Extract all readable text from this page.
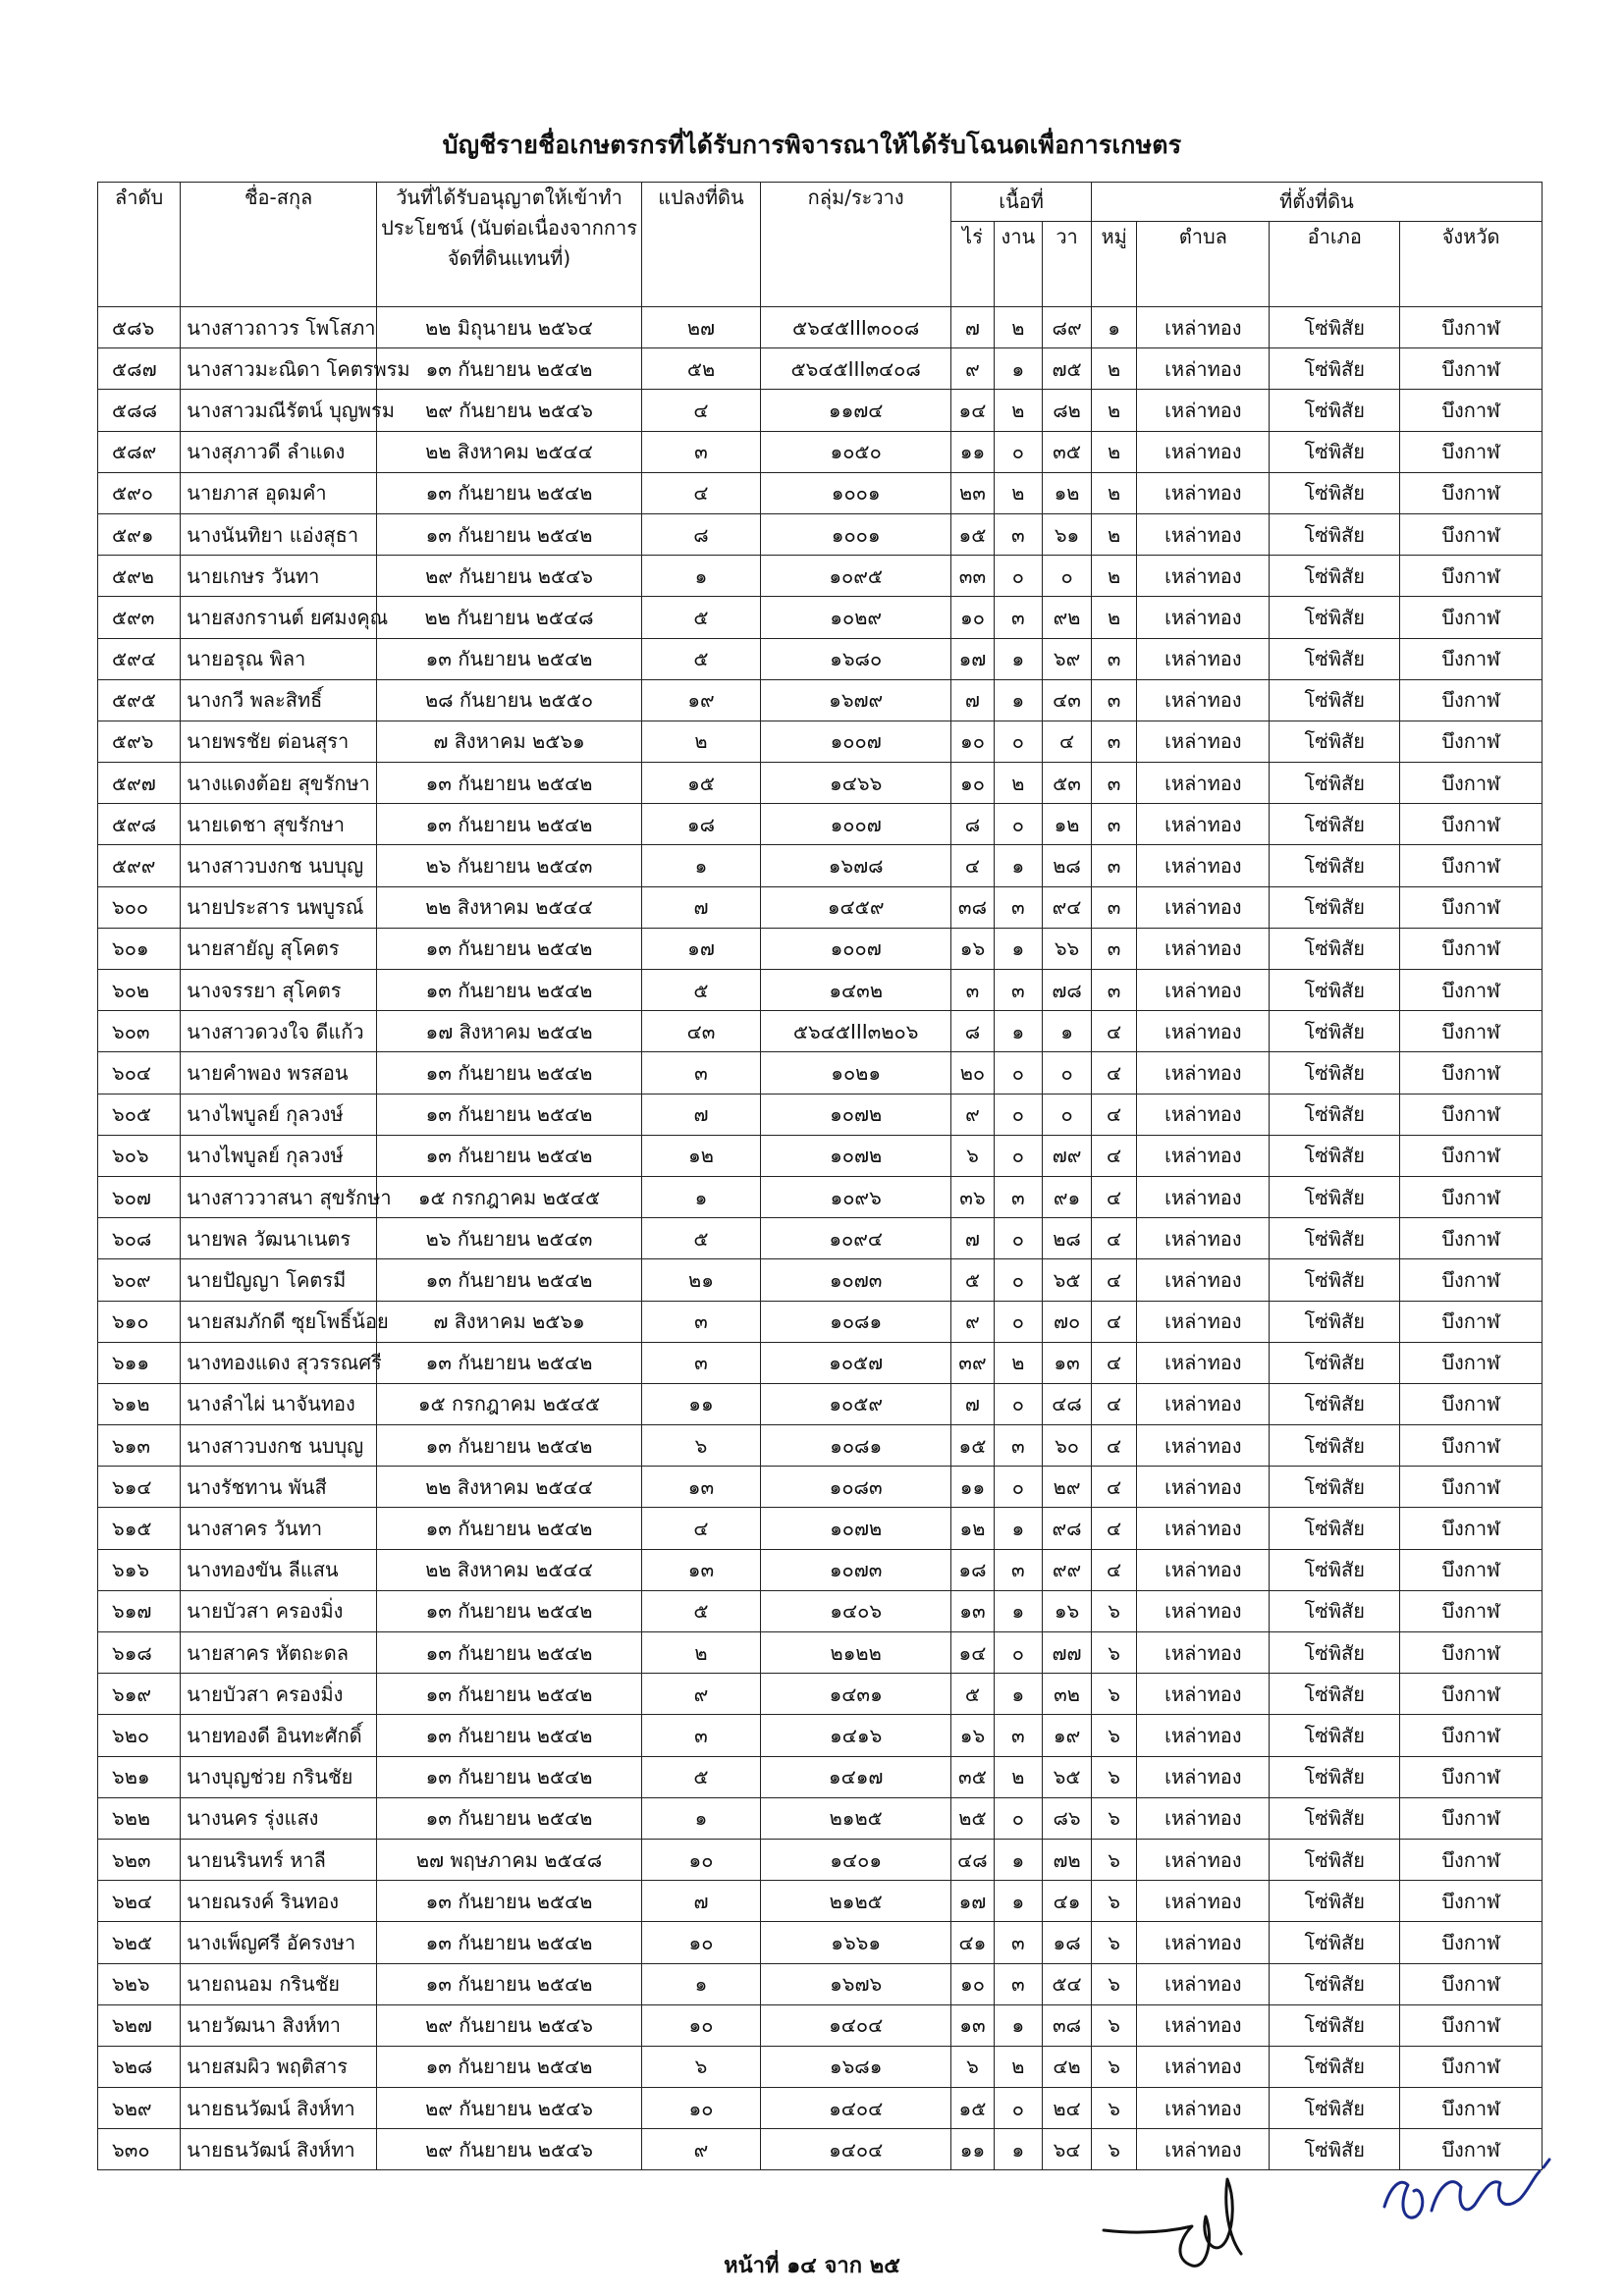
บัญชีรายชื่อเกษตรกรที่ได้รับการพิจารณาให้ได้รับโฉนดเพื่อการเกษตร
ลำดับ	ชื่อ-สกุล	วันที่ได้รับอนุญาตให้เข้าทำประโยชน์ (นับต่อเนื่องจากการจัดที่ดินแทนที่)	แปลงที่ดิน	กลุ่ม/ระวาง	เนื้อที่			ที่ตั้งที่ดิน			
					ไร่	งาน	วา	หมู่	ตำบล	อำเภอ	จังหวัด
๕๘๖	นางสาวถาวร โพโสภา	๒๒ มิถุนายน ๒๕๖๔	๒๗	๕๖๔๕III๓๐๐๘	๗	๒	๘๙	๑	เหล่าทอง	โซ่พิสัย	บึงกาฬ
๕๘๗	นางสาวมะณิดา โคตรพรม	๑๓ กันยายน ๒๕๔๒	๕๒	๕๖๔๕III๓๔๐๘	๙	๑	๗๕	๒	เหล่าทอง	โซ่พิสัย	บึงกาฬ
๕๘๘	นางสาวมณีรัตน์ บุญพรม	๒๙ กันยายน ๒๕๔๖	๔	๑๑๗๔	๑๔	๒	๘๒	๒	เหล่าทอง	โซ่พิสัย	บึงกาฬ
๕๘๙	นางสุภาวดี ลำแดง	๒๒ สิงหาคม ๒๕๔๔	๓	๑๐๕๐	๑๑	๐	๓๕	๒	เหล่าทอง	โซ่พิสัย	บึงกาฬ
๕๙๐	นายภาส อุดมคำ	๑๓ กันยายน ๒๕๔๒	๔	๑๐๐๑	๒๓	๒	๑๒	๒	เหล่าทอง	โซ่พิสัย	บึงกาฬ
๕๙๑	นางนันทิยา แอ่งสุธา	๑๓ กันยายน ๒๕๔๒	๘	๑๐๐๑	๑๕	๓	๖๑	๒	เหล่าทอง	โซ่พิสัย	บึงกาฬ
๕๙๒	นายเกษร วันทา	๒๙ กันยายน ๒๕๔๖	๑	๑๐๙๕	๓๓	๐	๐	๒	เหล่าทอง	โซ่พิสัย	บึงกาฬ
๕๙๓	นายสงกรานต์ ยศมงคุณ	๒๒ กันยายน ๒๕๔๘	๕	๑๐๒๙	๑๐	๓	๙๒	๒	เหล่าทอง	โซ่พิสัย	บึงกาฬ
๕๙๔	นายอรุณ พิลา	๑๓ กันยายน ๒๕๔๒	๕	๑๖๘๐	๑๗	๑	๖๙	๓	เหล่าทอง	โซ่พิสัย	บึงกาฬ
๕๙๕	นางกวี พละสิทธิ์	๒๘ กันยายน ๒๕๕๐	๑๙	๑๖๗๙	๗	๑	๔๓	๓	เหล่าทอง	โซ่พิสัย	บึงกาฬ
๕๙๖	นายพรชัย ต่อนสุรา	๗ สิงหาคม ๒๕๖๑	๒	๑๐๐๗	๑๐	๐	๔	๓	เหล่าทอง	โซ่พิสัย	บึงกาฬ
๕๙๗	นางแดงต้อย สุขรักษา	๑๓ กันยายน ๒๕๔๒	๑๕	๑๔๖๖	๑๐	๒	๕๓	๓	เหล่าทอง	โซ่พิสัย	บึงกาฬ
๕๙๘	นายเดชา สุขรักษา	๑๓ กันยายน ๒๕๔๒	๑๘	๑๐๐๗	๘	๐	๑๒	๓	เหล่าทอง	โซ่พิสัย	บึงกาฬ
๕๙๙	นางสาวบงกช นบบุญ	๒๖ กันยายน ๒๕๔๓	๑	๑๖๗๘	๔	๑	๒๘	๓	เหล่าทอง	โซ่พิสัย	บึงกาฬ
๖๐๐	นายประสาร นพบูรณ์	๒๒ สิงหาคม ๒๕๔๔	๗	๑๔๕๙	๓๘	๓	๙๔	๓	เหล่าทอง	โซ่พิสัย	บึงกาฬ
๖๐๑	นายสายัญ สุโคตร	๑๓ กันยายน ๒๕๔๒	๑๗	๑๐๐๗	๑๖	๑	๖๖	๓	เหล่าทอง	โซ่พิสัย	บึงกาฬ
๖๐๒	นางจรรยา สุโคตร	๑๓ กันยายน ๒๕๔๒	๕	๑๔๓๒	๓	๓	๗๘	๓	เหล่าทอง	โซ่พิสัย	บึงกาฬ
๖๐๓	นางสาวดวงใจ ดีแก้ว	๑๗ สิงหาคม ๒๕๔๒	๔๓	๕๖๔๕III๓๒๐๖	๘	๑	๑	๔	เหล่าทอง	โซ่พิสัย	บึงกาฬ
๖๐๔	นายคำพอง พรสอน	๑๓ กันยายน ๒๕๔๒	๓	๑๐๒๑	๒๐	๐	๐	๔	เหล่าทอง	โซ่พิสัย	บึงกาฬ
๖๐๕	นางไพบูลย์ กุลวงษ์	๑๓ กันยายน ๒๕๔๒	๗	๑๐๗๒	๙	๐	๐	๔	เหล่าทอง	โซ่พิสัย	บึงกาฬ
๖๐๖	นางไพบูลย์ กุลวงษ์	๑๓ กันยายน ๒๕๔๒	๑๒	๑๐๗๒	๖	๐	๗๙	๔	เหล่าทอง	โซ่พิสัย	บึงกาฬ
๖๐๗	นางสาววาสนา สุขรักษา	๑๕ กรกฎาคม ๒๕๔๕	๑	๑๐๙๖	๓๖	๓	๙๑	๔	เหล่าทอง	โซ่พิสัย	บึงกาฬ
๖๐๘	นายพล วัฒนาเนตร	๒๖ กันยายน ๒๕๔๓	๕	๑๐๙๔	๗	๐	๒๘	๔	เหล่าทอง	โซ่พิสัย	บึงกาฬ
๖๐๙	นายปัญญา โคตรมี	๑๓ กันยายน ๒๕๔๒	๒๑	๑๐๗๓	๕	๐	๖๕	๔	เหล่าทอง	โซ่พิสัย	บึงกาฬ
๖๑๐	นายสมภักดี ซุยโพธิ์น้อย	๗ สิงหาคม ๒๕๖๑	๓	๑๐๘๑	๙	๐	๗๐	๔	เหล่าทอง	โซ่พิสัย	บึงกาฬ
๖๑๑	นางทองแดง สุวรรณศรี	๑๓ กันยายน ๒๕๔๒	๓	๑๐๕๗	๓๙	๒	๑๓	๔	เหล่าทอง	โซ่พิสัย	บึงกาฬ
๖๑๒	นางลำไผ่ นาจันทอง	๑๕ กรกฎาคม ๒๕๔๕	๑๑	๑๐๕๙	๗	๐	๔๘	๔	เหล่าทอง	โซ่พิสัย	บึงกาฬ
๖๑๓	นางสาวบงกช นบบุญ	๑๓ กันยายน ๒๕๔๒	๖	๑๐๘๑	๑๕	๓	๖๐	๔	เหล่าทอง	โซ่พิสัย	บึงกาฬ
๖๑๔	นางรัชทาน พันสี	๒๒ สิงหาคม ๒๕๔๔	๑๓	๑๐๘๓	๑๑	๐	๒๙	๔	เหล่าทอง	โซ่พิสัย	บึงกาฬ
๖๑๕	นางสาคร วันทา	๑๓ กันยายน ๒๕๔๒	๔	๑๐๗๒	๑๒	๑	๙๘	๔	เหล่าทอง	โซ่พิสัย	บึงกาฬ
๖๑๖	นางทองขัน ลีแสน	๒๒ สิงหาคม ๒๕๔๔	๑๓	๑๐๗๓	๑๘	๓	๙๙	๔	เหล่าทอง	โซ่พิสัย	บึงกาฬ
๖๑๗	นายบัวสา ครองมิ่ง	๑๓ กันยายน ๒๕๔๒	๕	๑๔๐๖	๑๓	๑	๑๖	๖	เหล่าทอง	โซ่พิสัย	บึงกาฬ
๖๑๘	นายสาคร หัตถะดล	๑๓ กันยายน ๒๕๔๒	๒	๒๑๒๒	๑๔	๐	๗๗	๖	เหล่าทอง	โซ่พิสัย	บึงกาฬ
๖๑๙	นายบัวสา ครองมิ่ง	๑๓ กันยายน ๒๕๔๒	๙	๑๔๓๑	๕	๑	๓๒	๖	เหล่าทอง	โซ่พิสัย	บึงกาฬ
๖๒๐	นายทองดี อินทะศักดิ์	๑๓ กันยายน ๒๕๔๒	๓	๑๔๑๖	๑๖	๓	๑๙	๖	เหล่าทอง	โซ่พิสัย	บึงกาฬ
๖๒๑	นางบุญช่วย กรินชัย	๑๓ กันยายน ๒๕๔๒	๕	๑๔๑๗	๓๕	๒	๖๕	๖	เหล่าทอง	โซ่พิสัย	บึงกาฬ
๖๒๒	นางนคร รุ่งแสง	๑๓ กันยายน ๒๕๔๒	๑	๒๑๒๕	๒๕	๐	๘๖	๖	เหล่าทอง	โซ่พิสัย	บึงกาฬ
๖๒๓	นายนรินทร์ หาลี	๒๗ พฤษภาคม ๒๕๔๘	๑๐	๑๔๐๑	๔๘	๑	๗๒	๖	เหล่าทอง	โซ่พิสัย	บึงกาฬ
๖๒๔	นายณรงค์ รินทอง	๑๓ กันยายน ๒๕๔๒	๗	๒๑๒๕	๑๗	๑	๔๑	๖	เหล่าทอง	โซ่พิสัย	บึงกาฬ
๖๒๕	นางเพ็ญศรี อัครงษา	๑๓ กันยายน ๒๕๔๒	๑๐	๑๖๖๑	๔๑	๓	๑๘	๖	เหล่าทอง	โซ่พิสัย	บึงกาฬ
๖๒๖	นายถนอม กรินชัย	๑๓ กันยายน ๒๕๔๒	๑	๑๖๗๖	๑๐	๓	๕๔	๖	เหล่าทอง	โซ่พิสัย	บึงกาฬ
๖๒๗	นายวัฒนา สิงห์ทา	๒๙ กันยายน ๒๕๔๖	๑๐	๑๔๐๔	๑๓	๑	๓๘	๖	เหล่าทอง	โซ่พิสัย	บึงกาฬ
๖๒๘	นายสมผิว พฤติสาร	๑๓ กันยายน ๒๕๔๒	๖	๑๖๘๑	๖	๒	๔๒	๖	เหล่าทอง	โซ่พิสัย	บึงกาฬ
๖๒๙	นายธนวัฒน์ สิงห์ทา	๒๙ กันยายน ๒๕๔๖	๑๐	๑๔๐๔	๑๕	๐	๒๔	๖	เหล่าทอง	โซ่พิสัย	บึงกาฬ
๖๓๐	นายธนวัฒน์ สิงห์ทา	๒๙ กันยายน ๒๕๔๖	๙	๑๔๐๔	๑๑	๑	๖๔	๖	เหล่าทอง	โซ่พิสัย	บึงกาฬ
หน้าที่ ๑๔ จาก ๒๕
